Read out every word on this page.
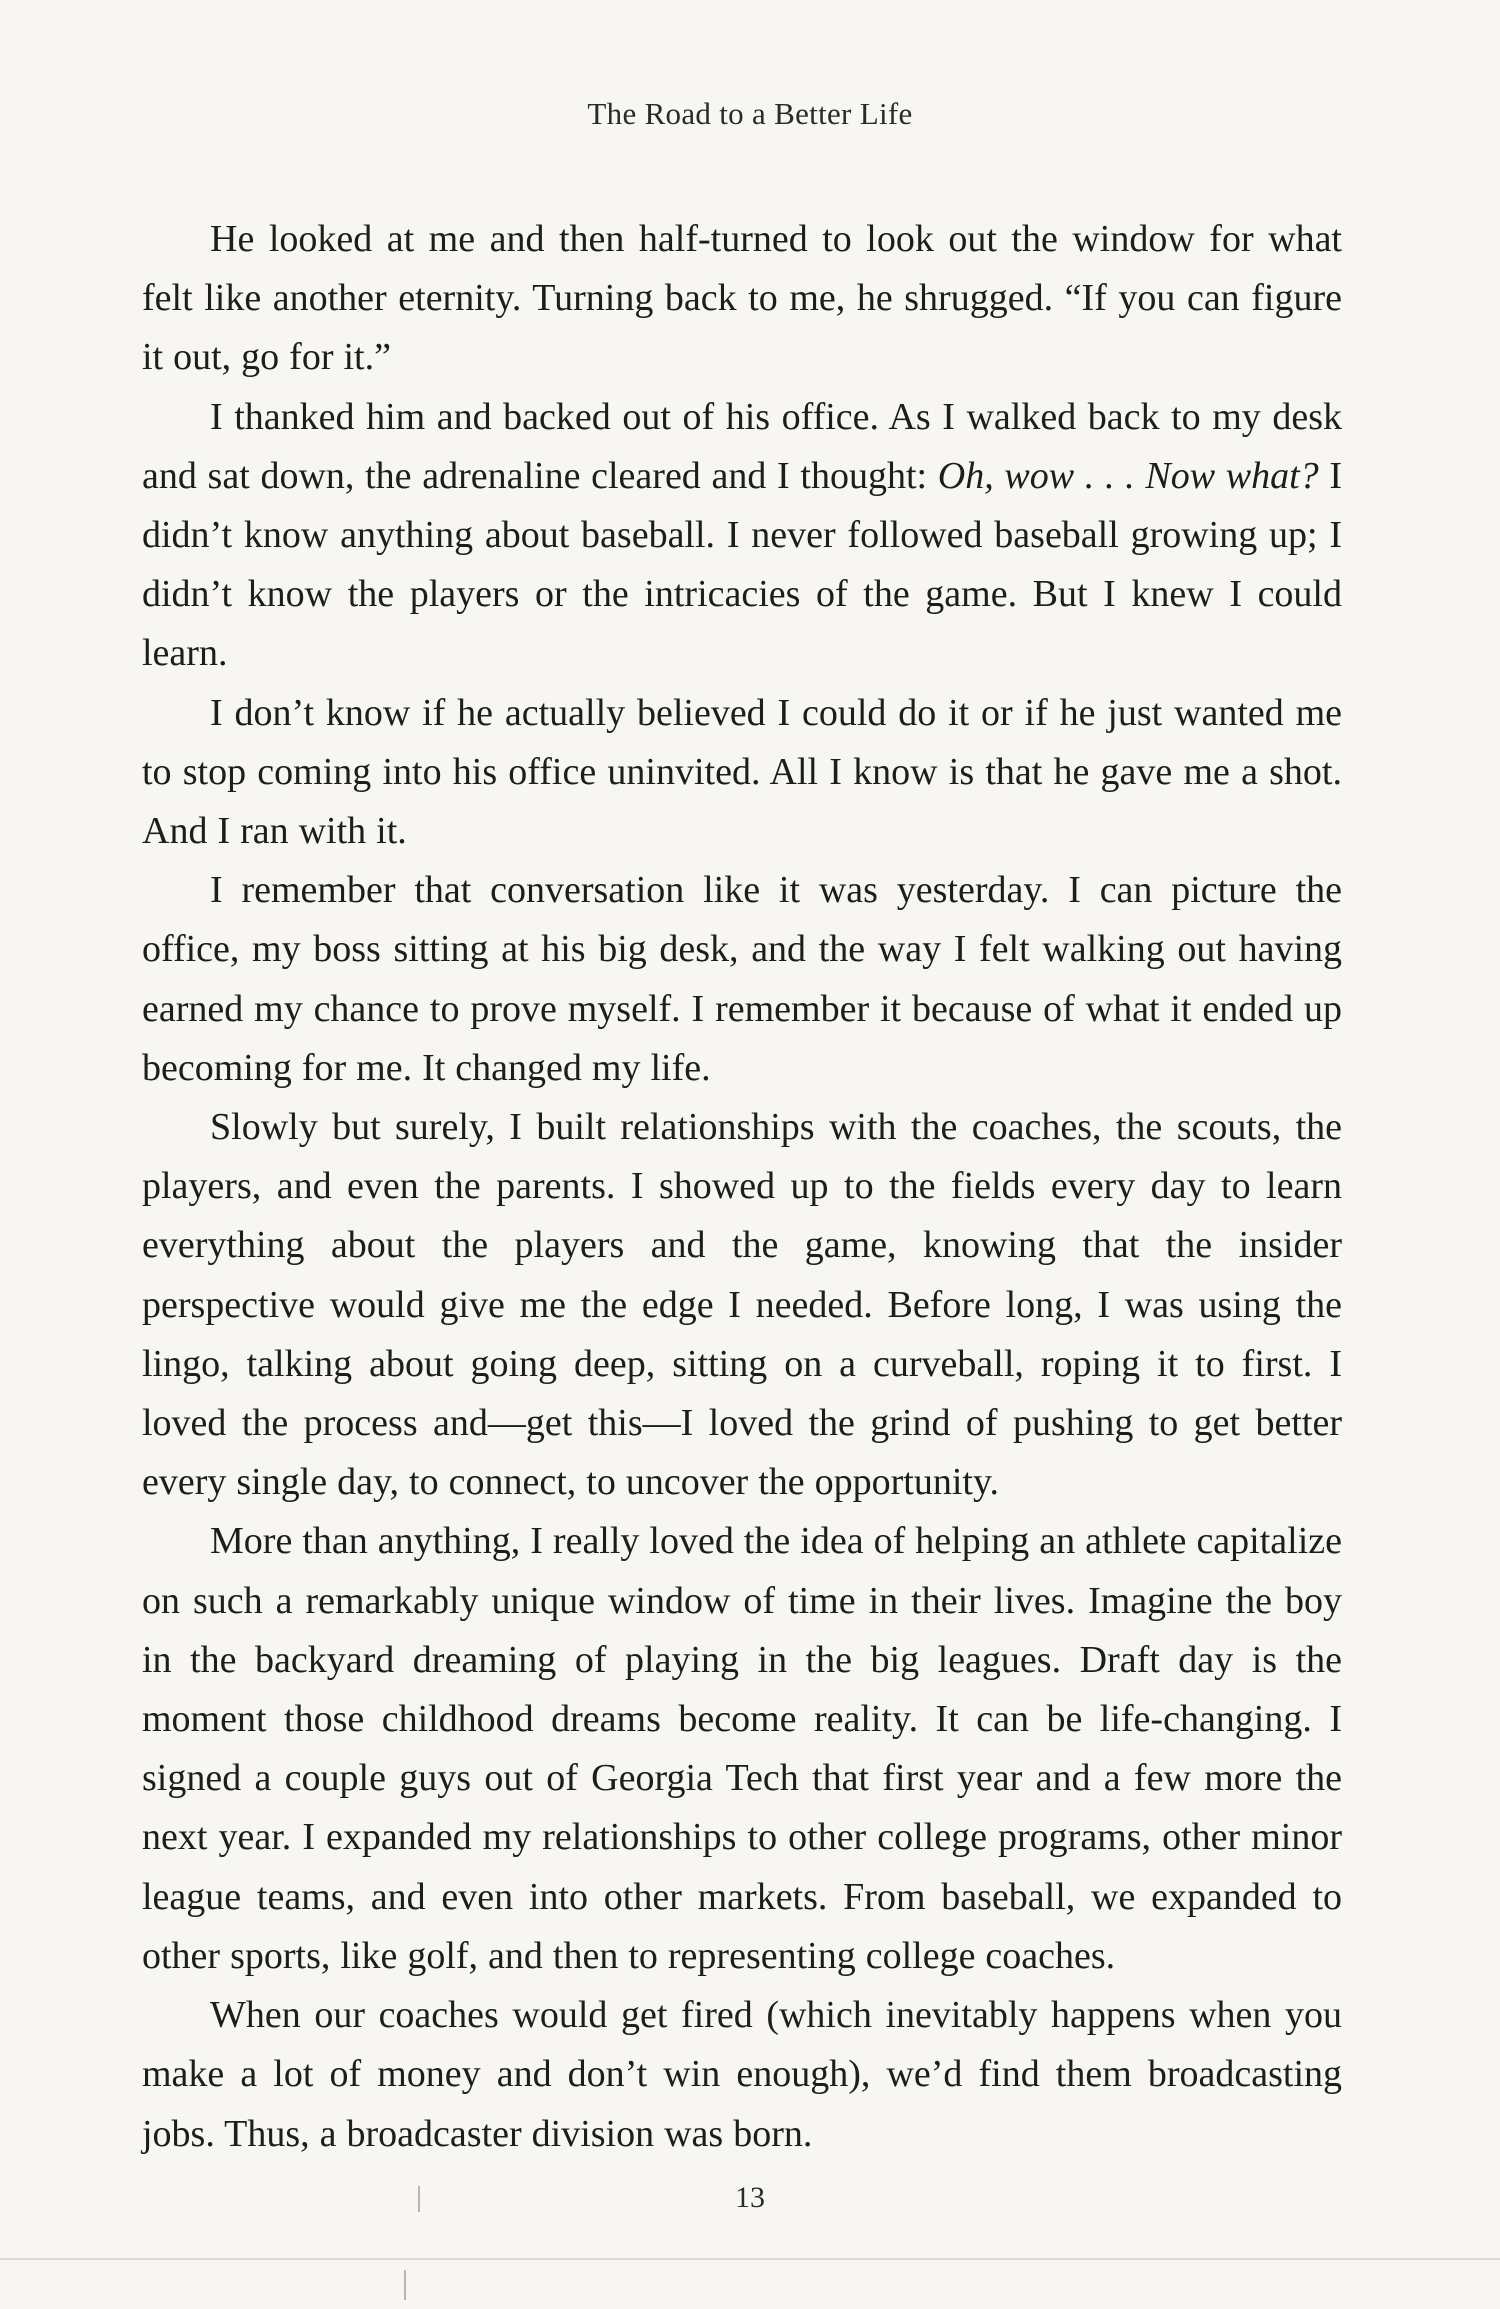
The Road to a Better Life

He looked at me and then half-turned to look out the window for what felt like another eternity. Turning back to me, he shrugged. “If you can figure it out, go for it.”

I thanked him and backed out of his office. As I walked back to my desk and sat down, the adrenaline cleared and I thought: Oh, wow . . . Now what? I didn’t know anything about baseball. I never followed baseball growing up; I didn’t know the players or the intricacies of the game. But I knew I could learn.

I don’t know if he actually believed I could do it or if he just wanted me to stop coming into his office uninvited. All I know is that he gave me a shot. And I ran with it.

I remember that conversation like it was yesterday. I can picture the office, my boss sitting at his big desk, and the way I felt walking out having earned my chance to prove myself. I remember it because of what it ended up becoming for me. It changed my life.

Slowly but surely, I built relationships with the coaches, the scouts, the players, and even the parents. I showed up to the fields every day to learn everything about the players and the game, knowing that the insider perspective would give me the edge I needed. Before long, I was using the lingo, talking about going deep, sitting on a curveball, roping it to first. I loved the process and—get this—I loved the grind of pushing to get better every single day, to connect, to uncover the opportunity.

More than anything, I really loved the idea of helping an athlete capitalize on such a remarkably unique window of time in their lives. Imagine the boy in the backyard dreaming of playing in the big leagues. Draft day is the moment those childhood dreams become reality. It can be life-changing. I signed a couple guys out of Georgia Tech that first year and a few more the next year. I expanded my relationships to other college programs, other minor league teams, and even into other markets. From baseball, we expanded to other sports, like golf, and then to representing college coaches.

When our coaches would get fired (which inevitably happens when you make a lot of money and don’t win enough), we’d find them broadcasting jobs. Thus, a broadcaster division was born.

13
